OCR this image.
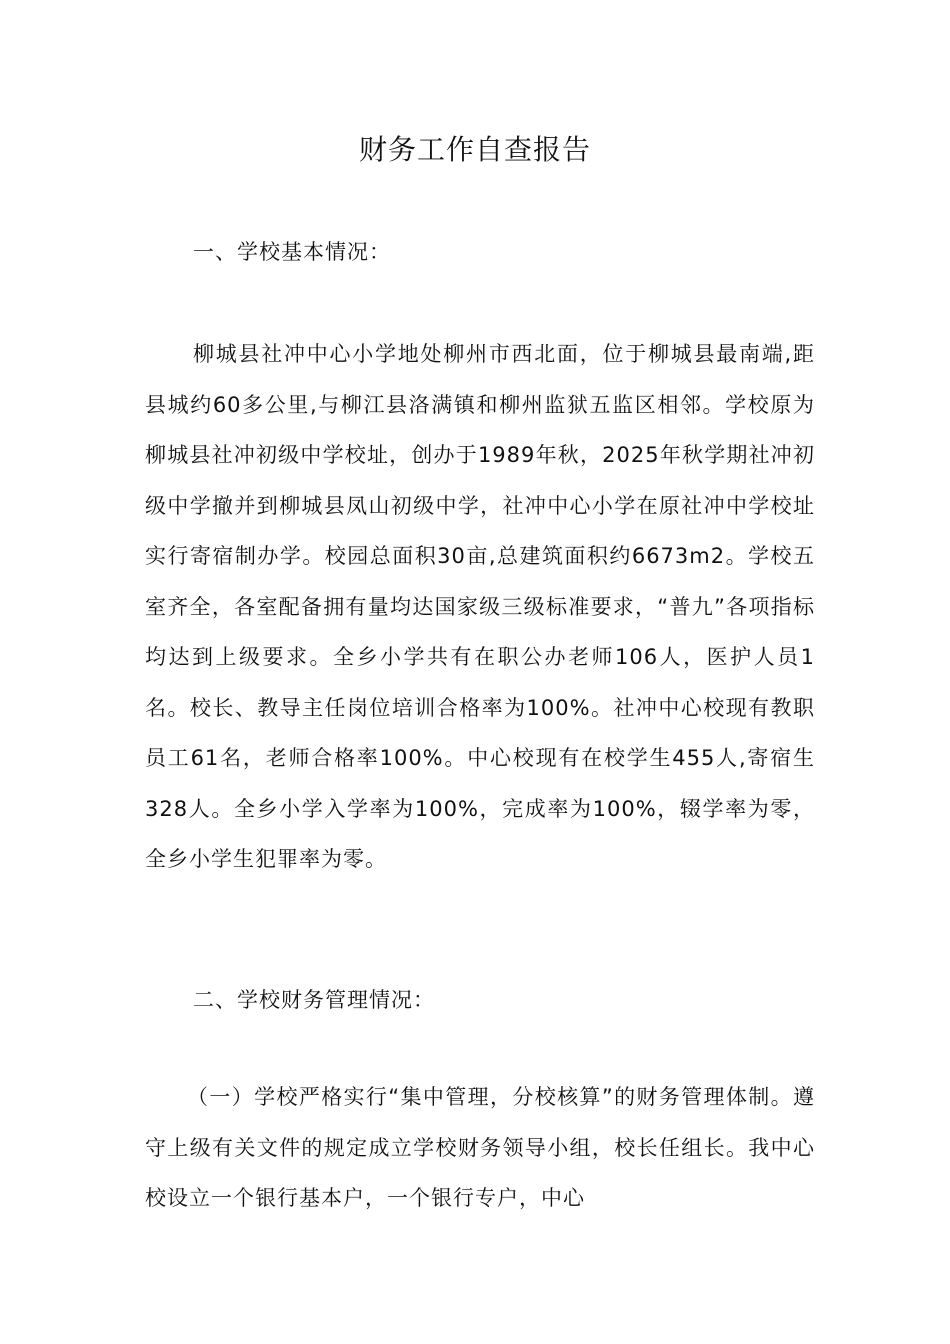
财务工作自查报告
一、学校基本情况：

柳城县社冲中心小学地处柳州市西北面，位于柳城县最南端,距县城约60多公里,与柳江县洛满镇和柳州监狱五监区相邻。学校原为柳城县社冲初级中学校址，创办于1989年秋，2025年秋学期社冲初级中学撤并到柳城县凤山初级中学，社冲中心小学在原社冲中学校址实行寄宿制办学。校园总面积30亩,总建筑面积约6673m2。学校五室齐全，各室配备拥有量均达国家级三级标准要求，“普九”各项指标均达到上级要求。全乡小学共有在职公办老师106人，医护人员1名。校长、教导主任岗位培训合格率为100%。社冲中心校现有教职员工61名，老师合格率100%。中心校现有在校学生455人,寄宿生328人。全乡小学入学率为100%，完成率为100%，辍学率为零，全乡小学生犯罪率为零。

二、学校财务管理情况：

（一）学校严格实行“集中管理，分校核算”的财务管理体制。遵守上级有关文件的规定成立学校财务领导小组，校长任组长。我中心校设立一个银行基本户，一个银行专户，中心
